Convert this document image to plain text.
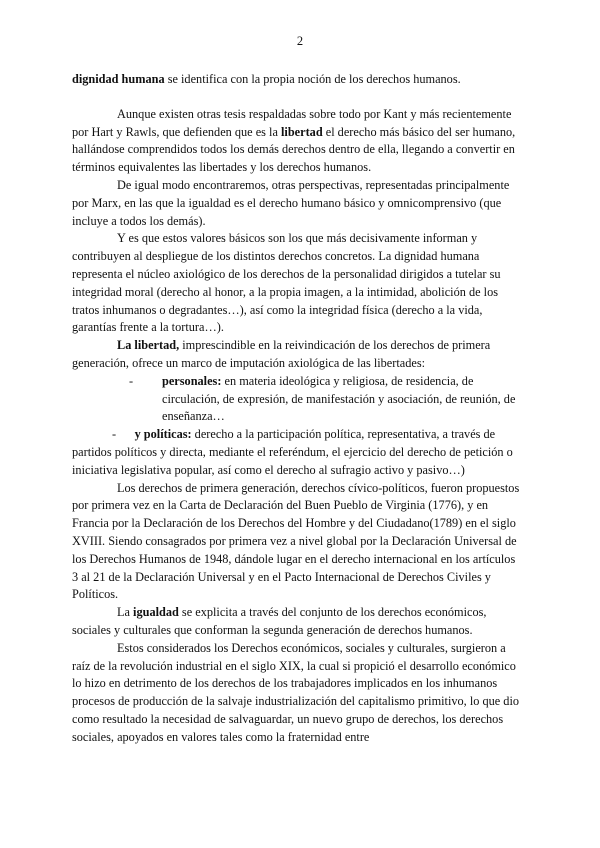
2

dignidad humana se identifica con la propia noción de los derechos humanos.

Aunque existen otras tesis respaldadas sobre todo por Kant y más recientemente por Hart y Rawls, que defienden que es la libertad el derecho más básico del ser humano, hallándose comprendidos todos los demás derechos dentro de ella, llegando a convertir en términos equivalentes las libertades y los derechos humanos.

De igual modo encontraremos, otras perspectivas, representadas principalmente por Marx, en las que la igualdad es el derecho humano básico y omnicomprensivo (que incluye a todos los demás).

Y es que estos valores básicos son los que más decisivamente informan y contribuyen al despliegue de los distintos derechos concretos. La dignidad humana representa el núcleo axiológico de los derechos de la personalidad dirigidos a tutelar su integridad moral (derecho al honor, a la propia imagen, a la intimidad, abolición de los tratos inhumanos o degradantes…), así como la integridad física (derecho a la vida, garantías frente a la tortura…).

La libertad, imprescindible en la reivindicación de los derechos de primera generación, ofrece un marco de imputación axiológica de las libertades:

- personales: en materia ideológica y religiosa, de residencia, de circulación, de expresión, de manifestación y asociación, de reunión, de enseñanza…

- y políticas: derecho a la participación política, representativa, a través de partidos políticos y directa, mediante el referéndum, el ejercicio del derecho de petición o iniciativa legislativa popular, así como el derecho al sufragio activo y pasivo…)

Los derechos de primera generación, derechos cívico-políticos, fueron propuestos por primera vez en la Carta de Declaración del Buen Pueblo de Virginia (1776), y en Francia por la Declaración de los Derechos del Hombre y del Ciudadano(1789) en el siglo XVIII. Siendo consagrados por primera vez a nivel global por la Declaración Universal de los Derechos Humanos de 1948, dándole lugar en el derecho internacional en los artículos 3 al 21 de la Declaración Universal y en el Pacto Internacional de Derechos Civiles y Políticos.

La igualdad se explicita a través del conjunto de los derechos económicos, sociales y culturales que conforman la segunda generación de derechos humanos.

Estos considerados los Derechos económicos, sociales y culturales, surgieron a raíz de la revolución industrial en el siglo XIX, la cual si propició el desarrollo económico lo hizo en detrimento de los derechos de los trabajadores implicados en los inhumanos procesos de producción de la salvaje industrialización del capitalismo primitivo, lo que dio como resultado la necesidad de salvaguardar, un nuevo grupo de derechos, los derechos sociales, apoyados en valores tales como la fraternidad entre
